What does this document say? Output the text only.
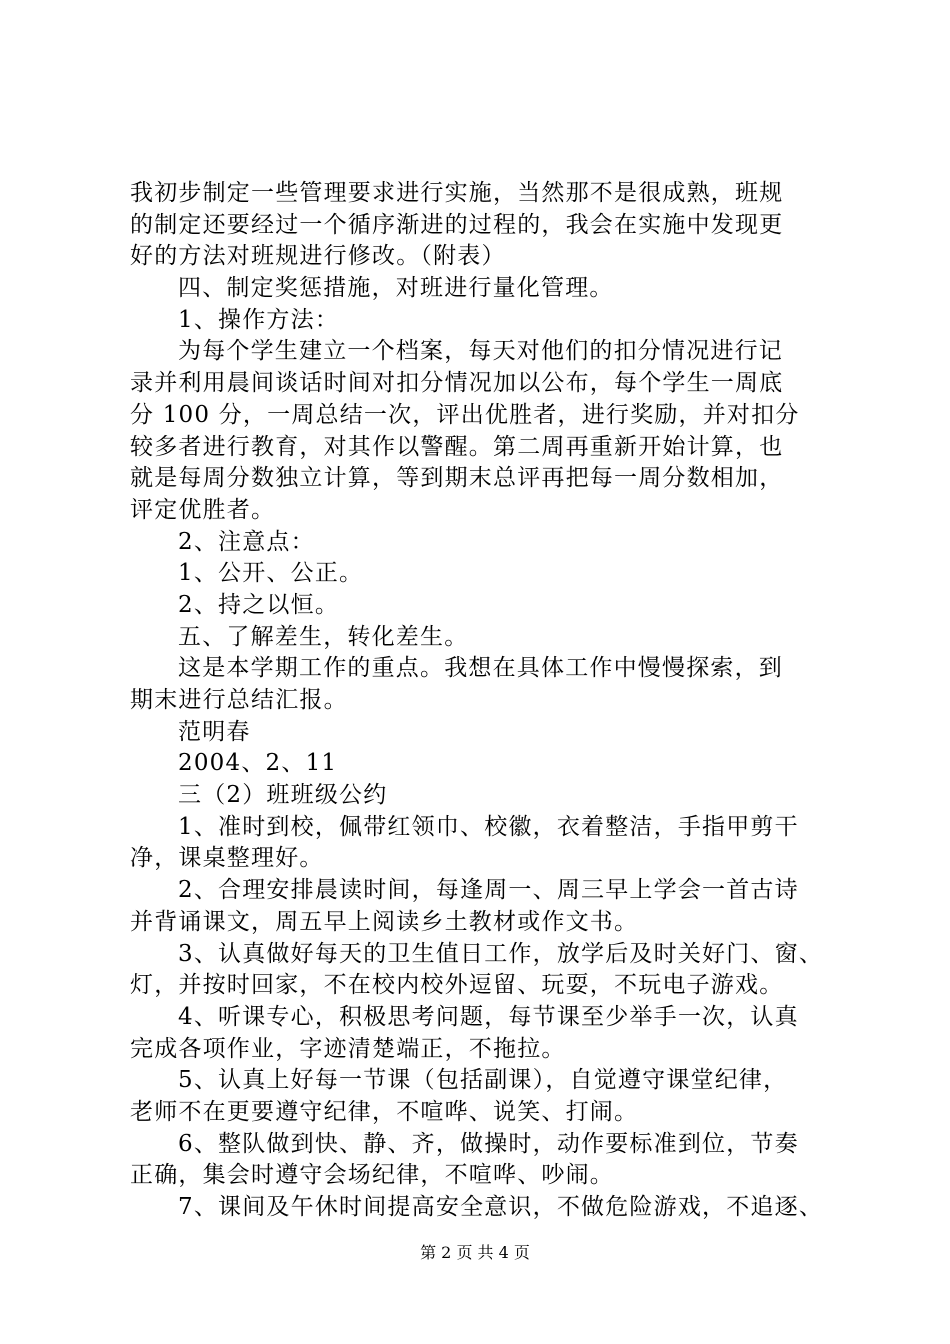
我初步制定一些管理要求进行实施，当然那不是很成熟，班规
的制定还要经过一个循序渐进的过程的，我会在实施中发现更
好的方法对班规进行修改。（附表）
四、制定奖惩措施，对班进行量化管理。
1、操作方法：
为每个学生建立一个档案，每天对他们的扣分情况进行记
录并利用晨间谈话时间对扣分情况加以公布，每个学生一周底
分 100 分，一周总结一次，评出优胜者，进行奖励，并对扣分
较多者进行教育，对其作以警醒。第二周再重新开始计算，也
就是每周分数独立计算，等到期末总评再把每一周分数相加，
评定优胜者。
2、注意点：
1、公开、公正。
2、持之以恒。
五、了解差生，转化差生。
这是本学期工作的重点。我想在具体工作中慢慢探索，到
期末进行总结汇报。
范明春
2004、2、11
三（2）班班级公约
1、准时到校，佩带红领巾、校徽，衣着整洁，手指甲剪干
净，课桌整理好。
2、合理安排晨读时间，每逢周一、周三早上学会一首古诗
并背诵课文，周五早上阅读乡土教材或作文书。
3、认真做好每天的卫生值日工作，放学后及时关好门、窗、
灯，并按时回家，不在校内校外逗留、玩耍，不玩电子游戏。
4、听课专心，积极思考问题，每节课至少举手一次，认真
完成各项作业，字迹清楚端正，不拖拉。
5、认真上好每一节课（包括副课），自觉遵守课堂纪律，
老师不在更要遵守纪律，不喧哗、说笑、打闹。
6、整队做到快、静、齐，做操时，动作要标准到位，节奏
正确，集会时遵守会场纪律，不喧哗、吵闹。
7、课间及午休时间提高安全意识，不做危险游戏，不追逐、
第 2 页 共 4 页
